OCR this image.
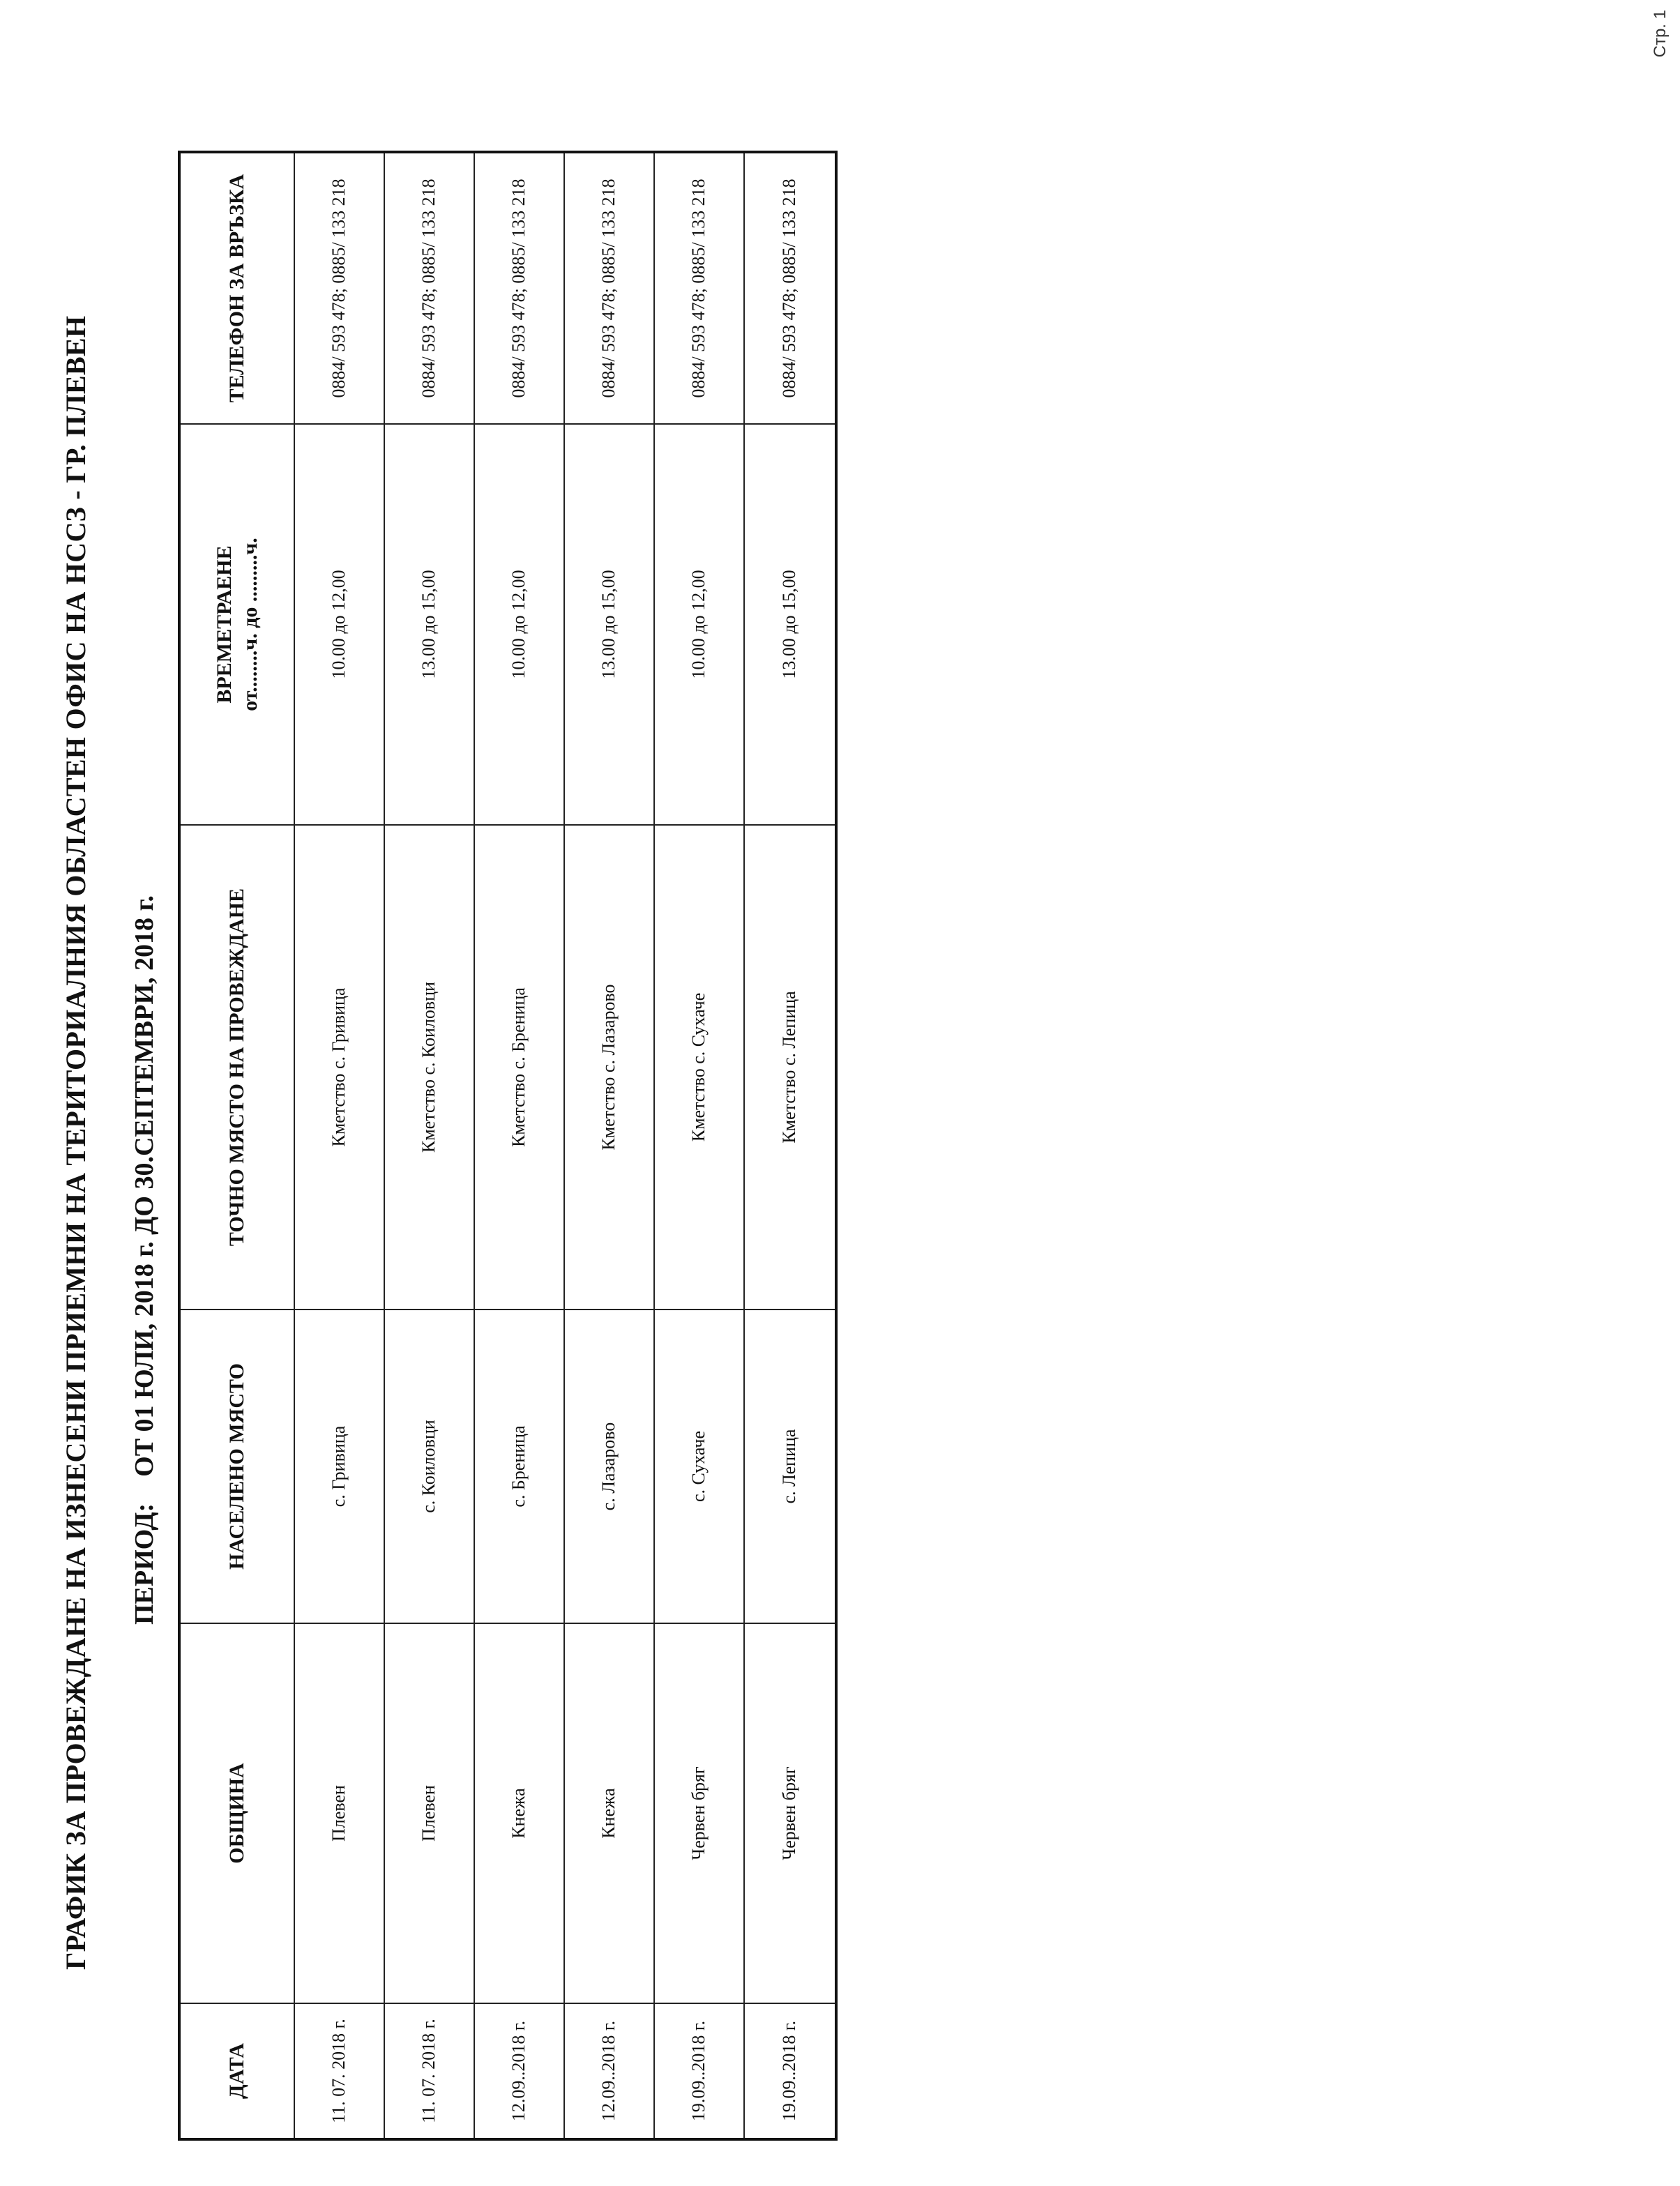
Стр. 1
ГРАФИК ЗА ПРОВЕЖДАНЕ НА ИЗНЕСЕНИ ПРИЕМНИ НА ТЕРИТОРИАЛНИЯ ОБЛАСТЕН ОФИС НА НССЗ - ГР. ПЛЕВЕН ПЕРИОД:ОТ 01 ЮЛИ, 2018 г. ДО 30.СЕПТЕМВРИ, 2018 г.
ДАТА	ОБЩИНА	НАСЕЛЕНО МЯСТО	ТОЧНО МЯСТО НА ПРОВЕЖДАНЕ	ВРЕМЕТРАЕНЕ от........ч. до .........ч.	ТЕЛЕФОН ЗА ВРЪЗКА
11. 07. 2018 г.	Плевен	с. Гривица	Кметство с. Гривица	10.00 до 12,00	0884/ 593 478; 0885/ 133 218
11. 07. 2018 г.	Плевен	с. Коиловци	Кметство с. Коиловци	13.00 до 15,00	0884/ 593 478; 0885/ 133 218
12.09..2018 г.	Кнежа	с. Бреница	Кметство с. Бреница	10.00 до 12,00	0884/ 593 478; 0885/ 133 218
12.09..2018 г.	Кнежа	с. Лазарово	Кметство с. Лазарово	13.00 до 15,00	0884/ 593 478; 0885/ 133 218
19.09..2018 г.	Червен бряг	с. Сухаче	Кметство с. Сухаче	10.00 до 12,00	0884/ 593 478; 0885/ 133 218
19.09..2018 г.	Червен бряг	с. Лепица	Кметство с. Лепица	13.00 до 15,00	0884/ 593 478; 0885/ 133 218
